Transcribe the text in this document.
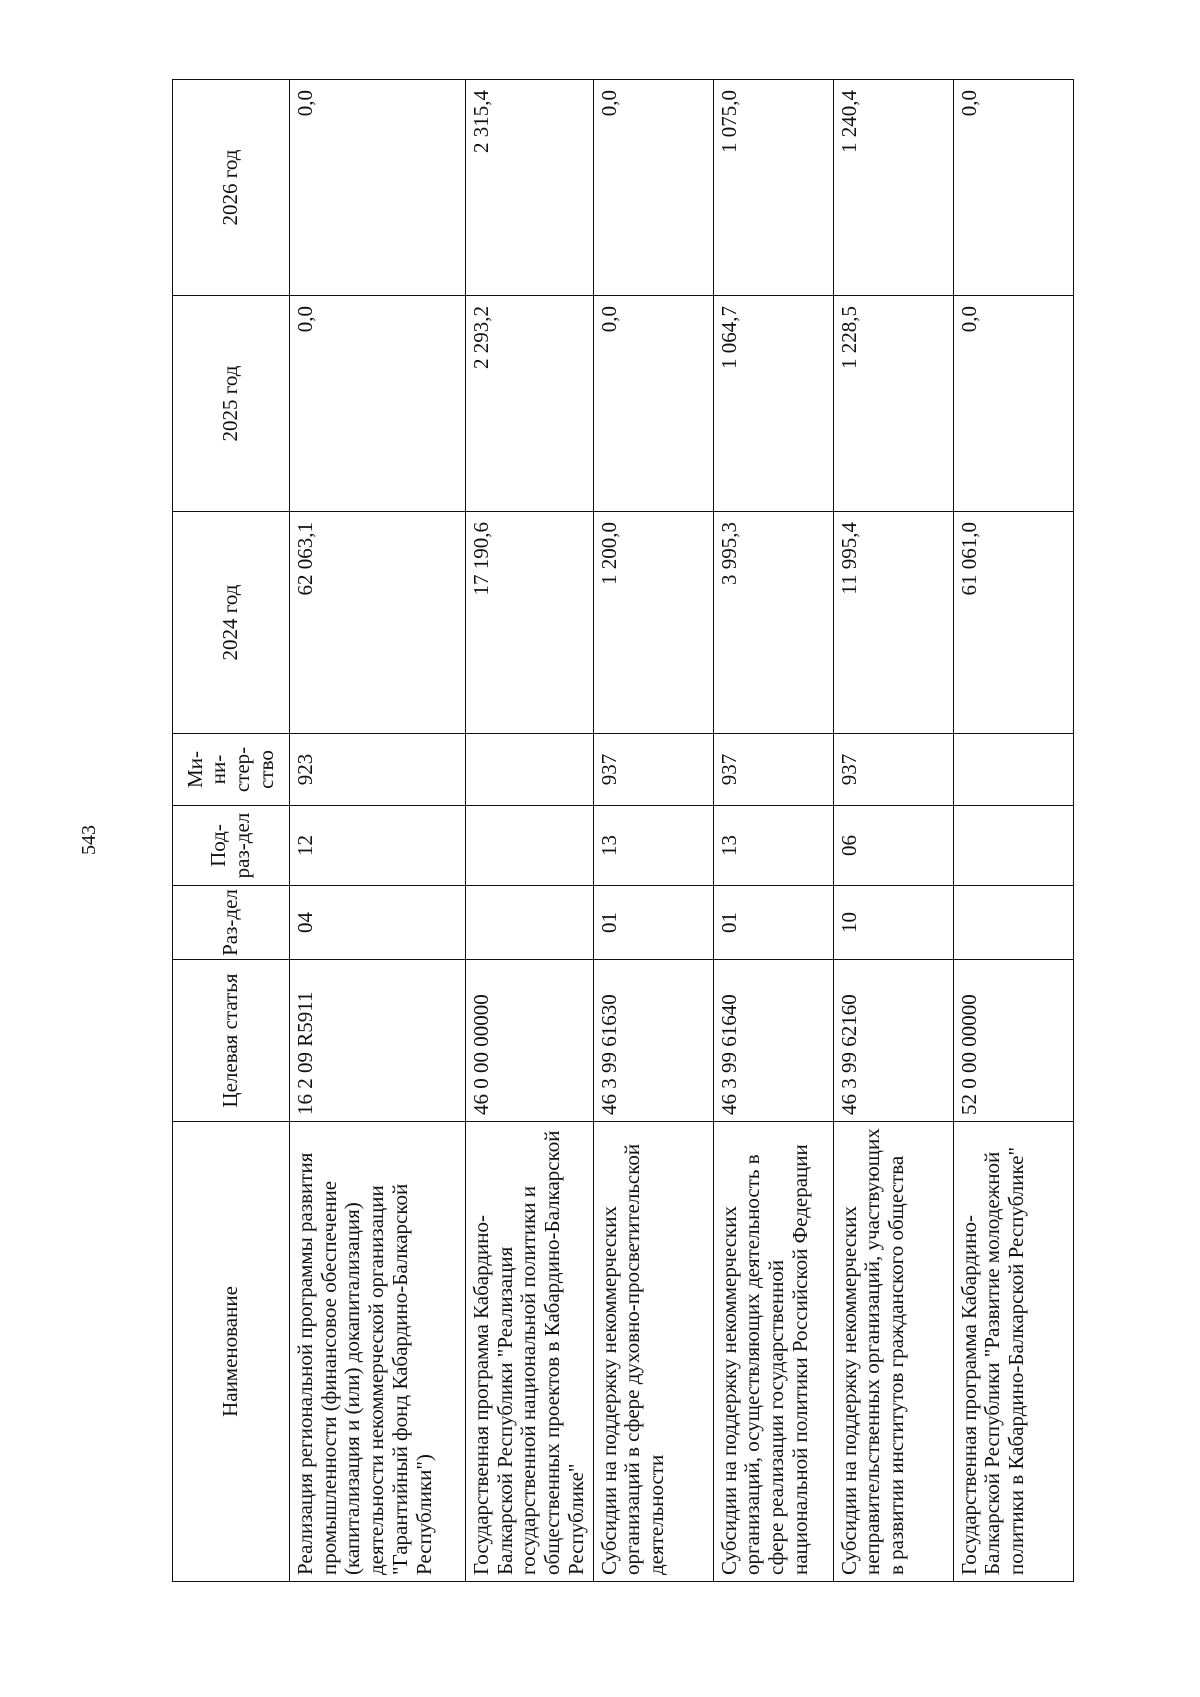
543
Наименование	Целевая статья	Раз-дел	Под-раз-дел	Ми-ни-стер-ство	2024 год	2025 год	2026 год
Реализация региональной программы развития промышленности (финансовое обеспечение (капитализация и (или) докапитализация) деятельности некоммерческой организации "Гарантийный фонд Кабардино-Балкарской Республики")	16 2 09 R5911	04	12	923	62 063,1	0,0	0,0
Государственная программа Кабардино-Балкарской Республики "Реализация государственной национальной политики и общественных проектов в Кабардино-Балкарской Республике"	46 0 00 00000				17 190,6	2 293,2	2 315,4
Субсидии на поддержку некоммерческих организаций в сфере духовно-просветительской деятельности	46 3 99 61630	01	13	937	1 200,0	0,0	0,0
Субсидии на поддержку некоммерческих организаций, осуществляющих деятельность в сфере реализации государственной национальной политики Российской Федерации	46 3 99 61640	01	13	937	3 995,3	1 064,7	1 075,0
Субсидии на поддержку некоммерческих неправительственных организаций, участвующих в развитии институтов гражданского общества	46 3 99 62160	10	06	937	11 995,4	1 228,5	1 240,4
Государственная программа Кабардино-Балкарской Республики "Развитие молодежной политики в Кабардино-Балкарской Республике"	52 0 00 00000				61 061,0	0,0	0,0
